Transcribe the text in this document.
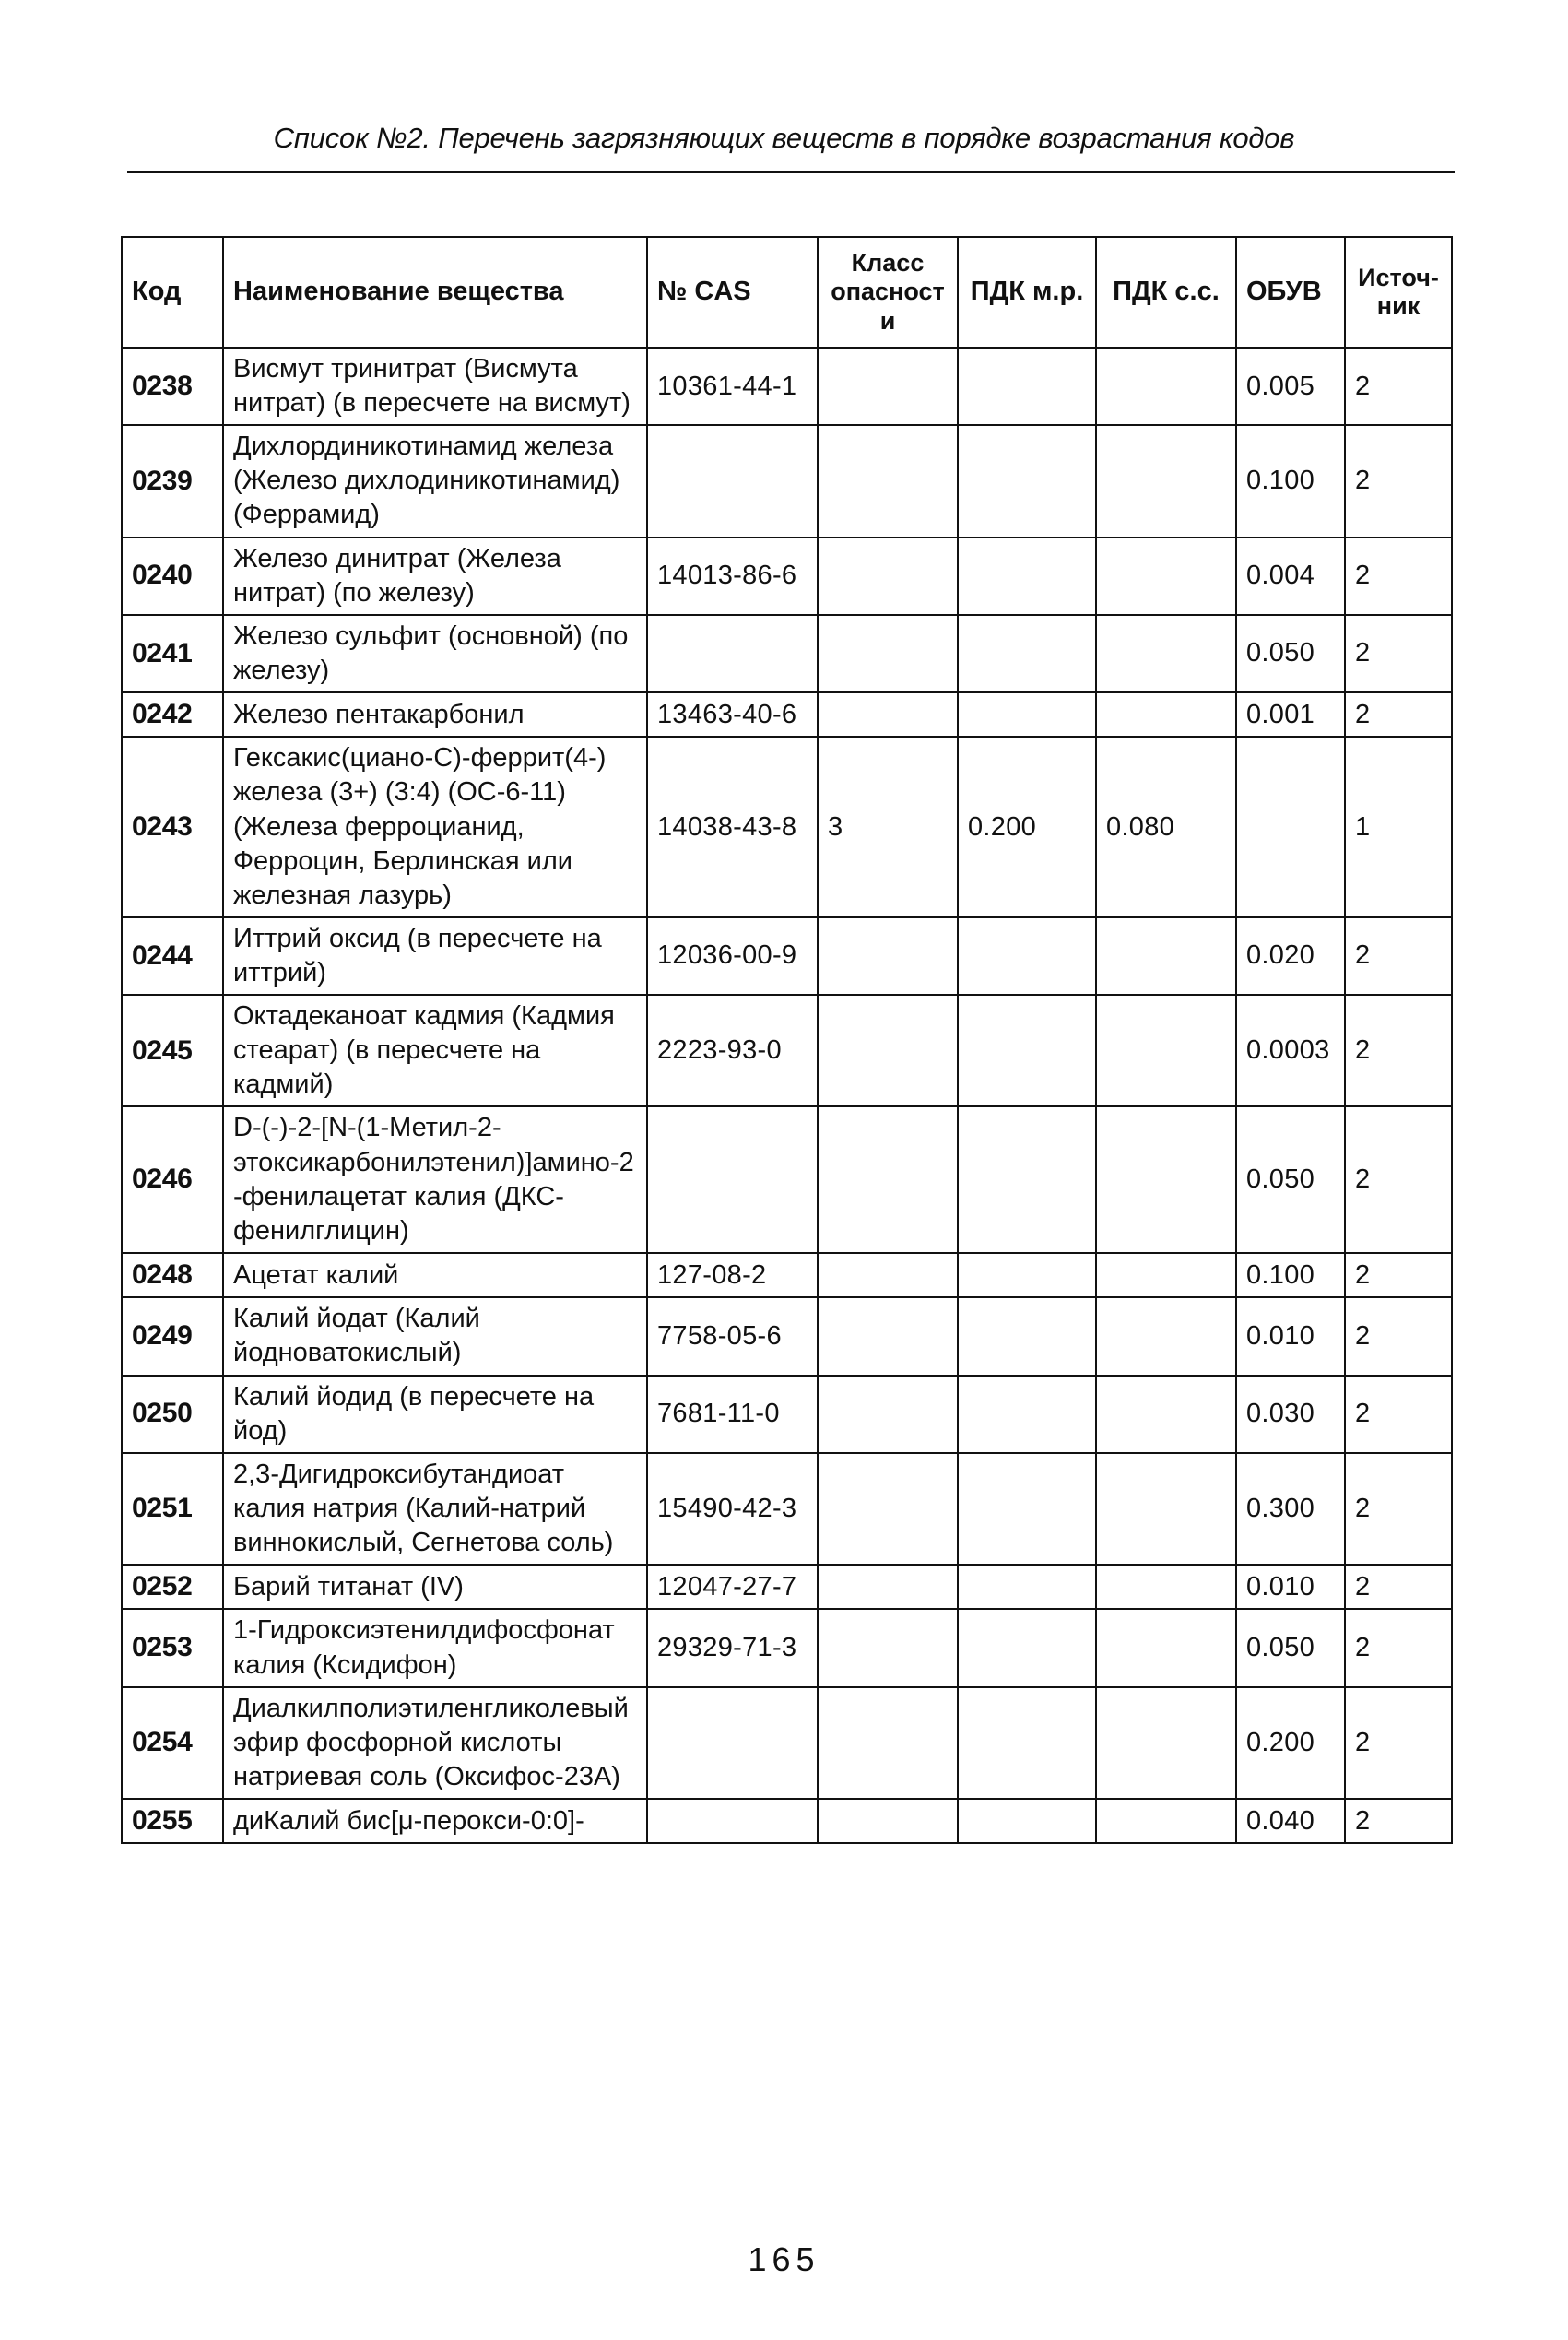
Список №2. Перечень загрязняющих веществ в порядке возрастания кодов
Код	Наименование вещества	№ CAS	Класс опасности	ПДК м.р.	ПДК с.с.	ОБУВ	Источ-ник
0238	Висмут тринитрат (Висмута нитрат) (в пересчете на висмут)	10361-44-1				0.005	2
0239	Дихлординикотинамид железа (Железо дихлодиникотинамид) (Феррамид)					0.100	2
0240	Железо динитрат (Железа нитрат) (по железу)	14013-86-6				0.004	2
0241	Железо сульфит (основной) (по железу)					0.050	2
0242	Железо пентакарбонил	13463-40-6				0.001	2
0243	Гексакис(циано-C)-феррит(4-) железа (3+) (3:4) (ОС-6-11) (Железа ферроцианид, Ферроцин, Берлинская или железная лазурь)	14038-43-8	3	0.200	0.080		1
0244	Иттрий оксид (в пересчете на иттрий)	12036-00-9				0.020	2
0245	Октадеканоат кадмия (Кадмия стеарат) (в пересчете на кадмий)	2223-93-0				0.0003	2
0246	D-(-)-2-[N-(1-Метил-2-этоксикарбонилэтенил)]амино-2-фенилацетат калия (ДКС-фенилглицин)					0.050	2
0248	Ацетат калий	127-08-2				0.100	2
0249	Калий йодат (Калий йодноватокислый)	7758-05-6				0.010	2
0250	Калий йодид (в пересчете на йод)	7681-11-0				0.030	2
0251	2,3-Дигидроксибутандиоат калия натрия (Калий-натрий виннокислый, Сегнетова соль)	15490-42-3				0.300	2
0252	Барий титанат (IV)	12047-27-7				0.010	2
0253	1-Гидроксиэтенилдифосфонат калия (Ксидифон)	29329-71-3				0.050	2
0254	Диалкилполиэтиленгликолевый эфир фосфорной кислоты натриевая соль (Оксифос-23А)					0.200	2
0255	диКалий бис[μ-перокси-0:0]-					0.040	2
165
